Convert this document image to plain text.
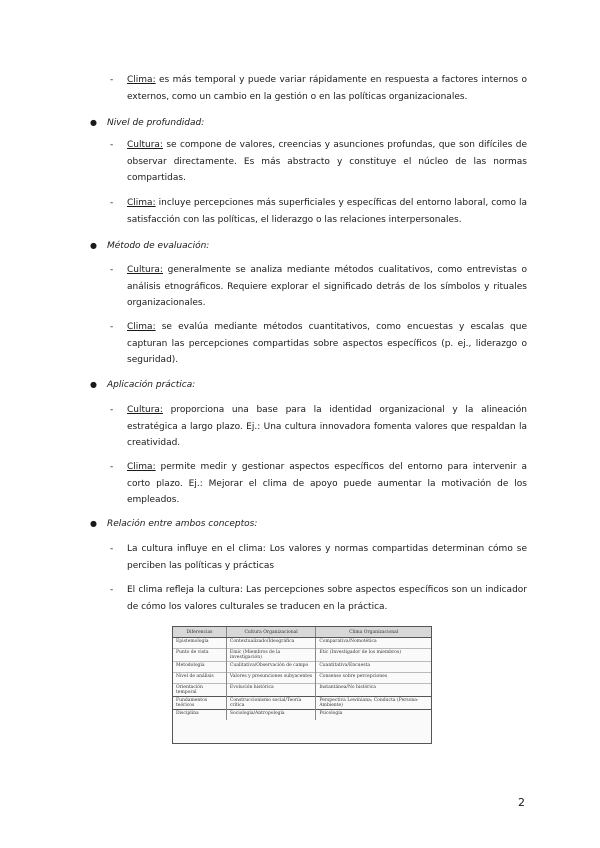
- Clima: es más temporal y puede variar rápidamente en respuesta a factores internos o externos, como un cambio en la gestión o en las políticas organizacionales.
● Nivel de profundidad:
- Cultura: se compone de valores, creencias y asunciones profundas, que son difíciles de observar directamente. Es más abstracto y constituye el núcleo de las normas compartidas.
- Clima: incluye percepciones más superficiales y específicas del entorno laboral, como la satisfacción con las políticas, el liderazgo o las relaciones interpersonales.
● Método de evaluación:
- Cultura: generalmente se analiza mediante métodos cualitativos, como entrevistas o análisis etnográficos. Requiere explorar el significado detrás de los símbolos y rituales organizacionales.
- Clima: se evalúa mediante métodos cuantitativos, como encuestas y escalas que capturan las percepciones compartidas sobre aspectos específicos (p. ej., liderazgo o seguridad).
● Aplicación práctica:
- Cultura: proporciona una base para la identidad organizacional y la alineación estratégica a largo plazo. Ej.: Una cultura innovadora fomenta valores que respaldan la creatividad.
- Clima: permite medir y gestionar aspectos específicos del entorno para intervenir a corto plazo. Ej.: Mejorar el clima de apoyo puede aumentar la motivación de los empleados.
● Relación entre ambos conceptos:
- La cultura influye en el clima: Los valores y normas compartidas determinan cómo se perciben las políticas y prácticas
- El clima refleja la cultura: Las percepciones sobre aspectos específicos son un indicador de cómo los valores culturales se traducen en la práctica.
Diferencias	Cultura Organizacional	Clima Organizacional
Epistemología	Contextualizado/Ideográfica	Comparativa/Nomotética
Punto de vista	Emic (Miembros de la investigación)	Etic (Investigador de los miembros)
Metodología	Cualitativa/Observación de campo	Cuantitativa/Encuesta
Nivel de análisis	Valores y presunciones subyacentes	Consenso sobre percepciones
Orientación temporal	Evolución histórica	Instantánea/No histórica
Fundamentos teóricos	Construccionismo social/Teoría crítica	Perspectiva Lewiniana; Conducta (Persona-Ambiente)
Disciplina	Sociología/Antropología	Psicología
2
